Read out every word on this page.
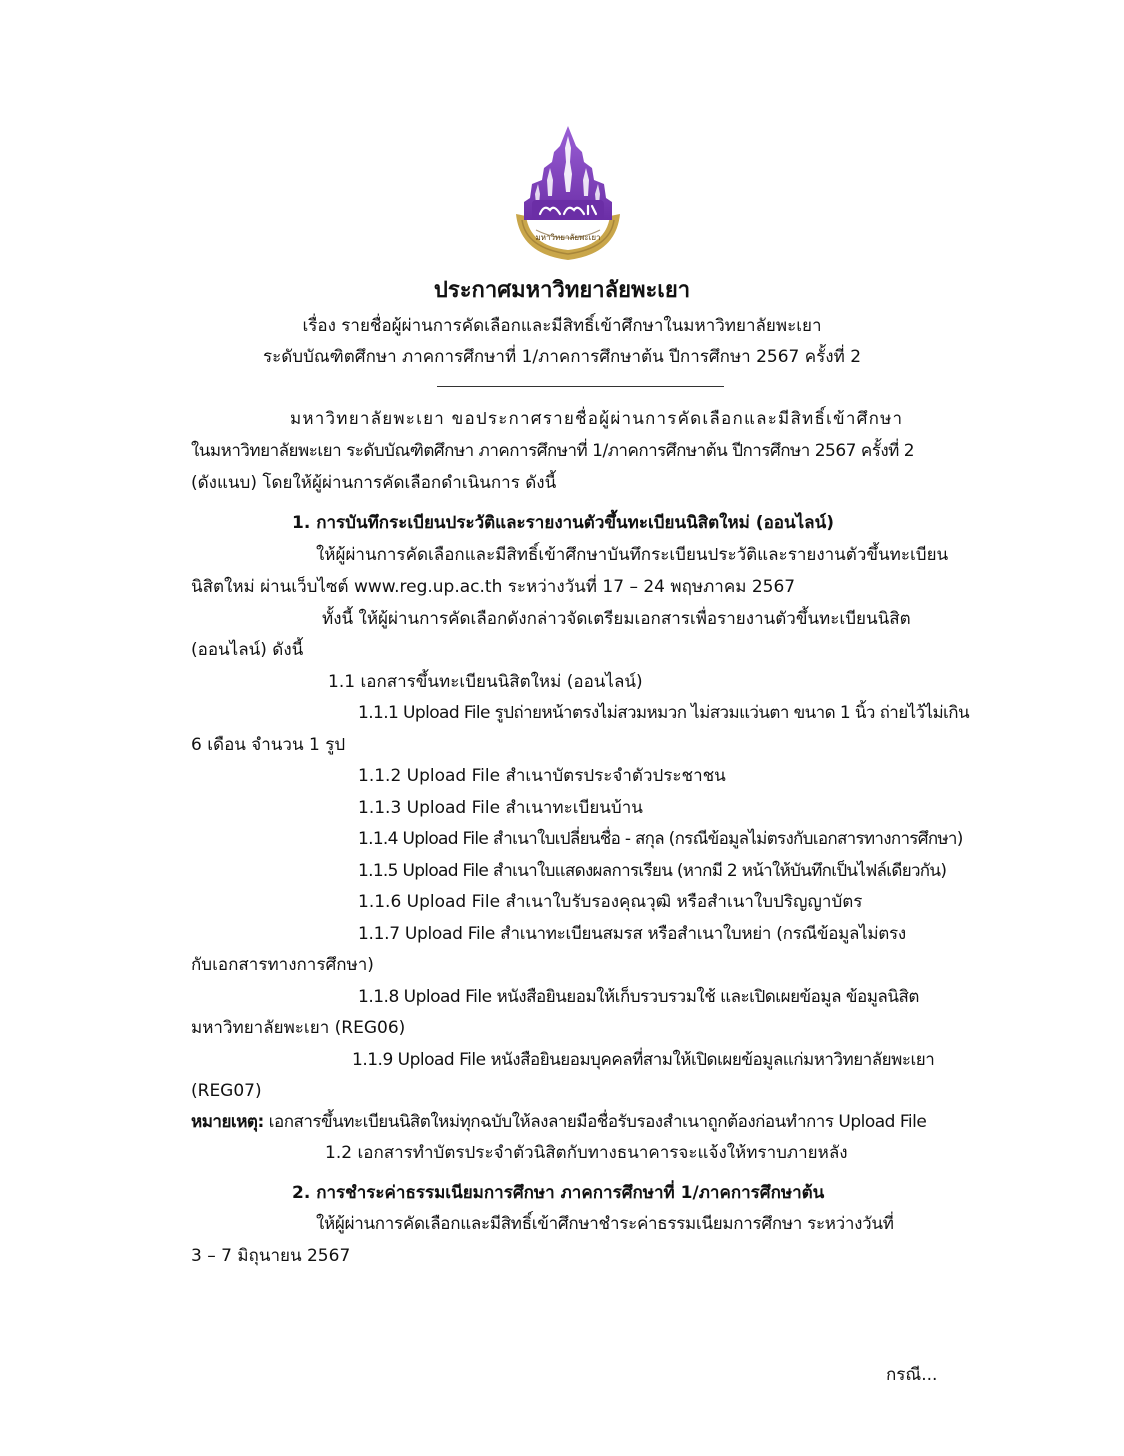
มหาวิทยาลัยพะเยา
ประกาศมหาวิทยาลัยพะเยา
เรื่อง รายชื่อผู้ผ่านการคัดเลือกและมีสิทธิ์เข้าศึกษาในมหาวิทยาลัยพะเยา
ระดับบัณฑิตศึกษา ภาคการศึกษาที่ 1/ภาคการศึกษาต้น ปีการศึกษา 2567 ครั้งที่ 2
มหาวิทยาลัยพะเยา ขอประกาศรายชื่อผู้ผ่านการคัดเลือกและมีสิทธิ์เข้าศึกษา
ในมหาวิทยาลัยพะเยา ระดับบัณฑิตศึกษา ภาคการศึกษาที่ 1/ภาคการศึกษาต้น ปีการศึกษา 2567 ครั้งที่ 2
(ดังแนบ) โดยให้ผู้ผ่านการคัดเลือกดำเนินการ ดังนี้
1. การบันทึกระเบียนประวัติและรายงานตัวขึ้นทะเบียนนิสิตใหม่ (ออนไลน์)
ให้ผู้ผ่านการคัดเลือกและมีสิทธิ์เข้าศึกษาบันทึกระเบียนประวัติและรายงานตัวขึ้นทะเบียน
นิสิตใหม่ ผ่านเว็บไซต์ www.reg.up.ac.th ระหว่างวันที่ 17 – 24 พฤษภาคม 2567
ทั้งนี้ ให้ผู้ผ่านการคัดเลือกดังกล่าวจัดเตรียมเอกสารเพื่อรายงานตัวขึ้นทะเบียนนิสิต
(ออนไลน์) ดังนี้
1.1 เอกสารขึ้นทะเบียนนิสิตใหม่ (ออนไลน์)
1.1.1 Upload File รูปถ่ายหน้าตรงไม่สวมหมวก ไม่สวมแว่นตา ขนาด 1 นิ้ว ถ่ายไว้ไม่เกิน
6 เดือน จำนวน 1 รูป
1.1.2 Upload File สำเนาบัตรประจำตัวประชาชน
1.1.3 Upload File สำเนาทะเบียนบ้าน
1.1.4 Upload File สำเนาใบเปลี่ยนชื่อ - สกุล (กรณีข้อมูลไม่ตรงกับเอกสารทางการศึกษา)
1.1.5 Upload File สำเนาใบแสดงผลการเรียน (หากมี 2 หน้าให้บันทึกเป็นไฟล์เดียวกัน)
1.1.6 Upload File สำเนาใบรับรองคุณวุฒิ หรือสำเนาใบปริญญาบัตร
1.1.7 Upload File สำเนาทะเบียนสมรส หรือสำเนาใบหย่า (กรณีข้อมูลไม่ตรง
กับเอกสารทางการศึกษา)
1.1.8 Upload File หนังสือยินยอมให้เก็บรวบรวมใช้ และเปิดเผยข้อมูล ข้อมูลนิสิต
มหาวิทยาลัยพะเยา (REG06)
1.1.9 Upload File หนังสือยินยอมบุคคลที่สามให้เปิดเผยข้อมูลแก่มหาวิทยาลัยพะเยา
(REG07)
หมายเหตุ: เอกสารขึ้นทะเบียนนิสิตใหม่ทุกฉบับให้ลงลายมือชื่อรับรองสำเนาถูกต้องก่อนทำการ Upload File
1.2 เอกสารทำบัตรประจำตัวนิสิตกับทางธนาคารจะแจ้งให้ทราบภายหลัง
2. การชำระค่าธรรมเนียมการศึกษา ภาคการศึกษาที่ 1/ภาคการศึกษาต้น
ให้ผู้ผ่านการคัดเลือกและมีสิทธิ์เข้าศึกษาชำระค่าธรรมเนียมการศึกษา ระหว่างวันที่
3 – 7 มิถุนายน 2567
กรณี...
